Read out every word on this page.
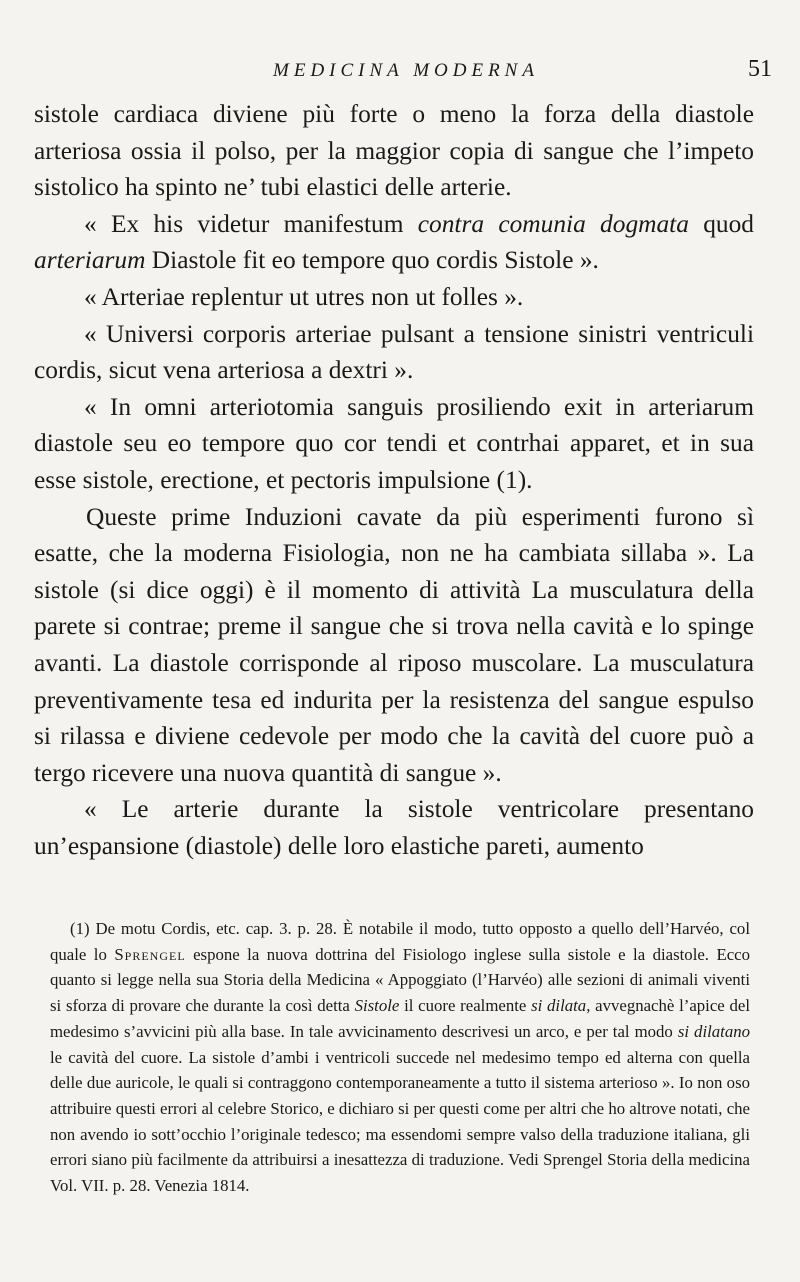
MEDICINA MODERNA	51

sistole cardiaca diviene più forte o meno la forza della diastole arteriosa ossia il polso, per la maggior copia di sangue che l’impeto sistolico ha spinto ne’ tubi elastici delle arterie.

« Ex his videtur manifestum contra comunia dogmata quod arteriarum Diastole fit eo tempore quo cordis Sistole ».

« Arteriae replentur ut utres non ut folles ».

« Universi corporis arteriae pulsant a tensione sinistri ventriculi cordis, sicut vena arteriosa a dextri ».

« In omni arteriotomia sanguis prosiliendo exit in arteriarum diastole seu eo tempore quo cor tendi et contrhai apparet, et in sua esse sistole, erectione, et pectoris impulsione (1).

Queste prime Induzioni cavate da più esperimenti furono sì esatte, che la moderna Fisiologia, non ne ha cambiata sillaba ». La sistole (si dice oggi) è il momento di attività La musculatura della parete si contrae; preme il sangue che si trova nella cavità e lo spinge avanti. La diastole corrisponde al riposo muscolare. La musculatura preventivamente tesa ed indurita per la resistenza del sangue espulso si rilassa e diviene cedevole per modo che la cavità del cuore può a tergo ricevere una nuova quantità di sangue ».

« Le arterie durante la sistole ventricolare presentano un’espansione (diastole) delle loro elastiche pareti, aumento

(1) De motu Cordis, etc. cap. 3. p. 28. È notabile il modo, tutto opposto a quello dell’Harvéo, col quale lo Sprengel espone la nuova dottrina del Fisiologo inglese sulla sistole e la diastole. Ecco quanto si legge nella sua Storia della Medicina « Appoggiato (l’Harvéo) alle sezioni di animali viventi si sforza di provare che durante la così detta Sistole il cuore realmente si dilata, avvegnachè l’apice del medesimo s’avvicini più alla base. In tale avvicinamento descrivesi un arco, e per tal modo si dilatano le cavità del cuore. La sistole d’ambi i ventricoli succede nel medesimo tempo ed alterna con quella delle due auricole, le quali si contraggono contemporaneamente a tutto il sistema arterioso ». Io non oso attribuire questi errori al celebre Storico, e dichiaro si per questi come per altri che ho altrove notati, che non avendo io sott’occhio l’originale tedesco; ma essendomi sempre valso della traduzione italiana, gli errori siano più facilmente da attribuirsi a inesattezza di traduzione. Vedi Sprengel Storia della medicina Vol. VII. p. 28. Venezia 1814.
